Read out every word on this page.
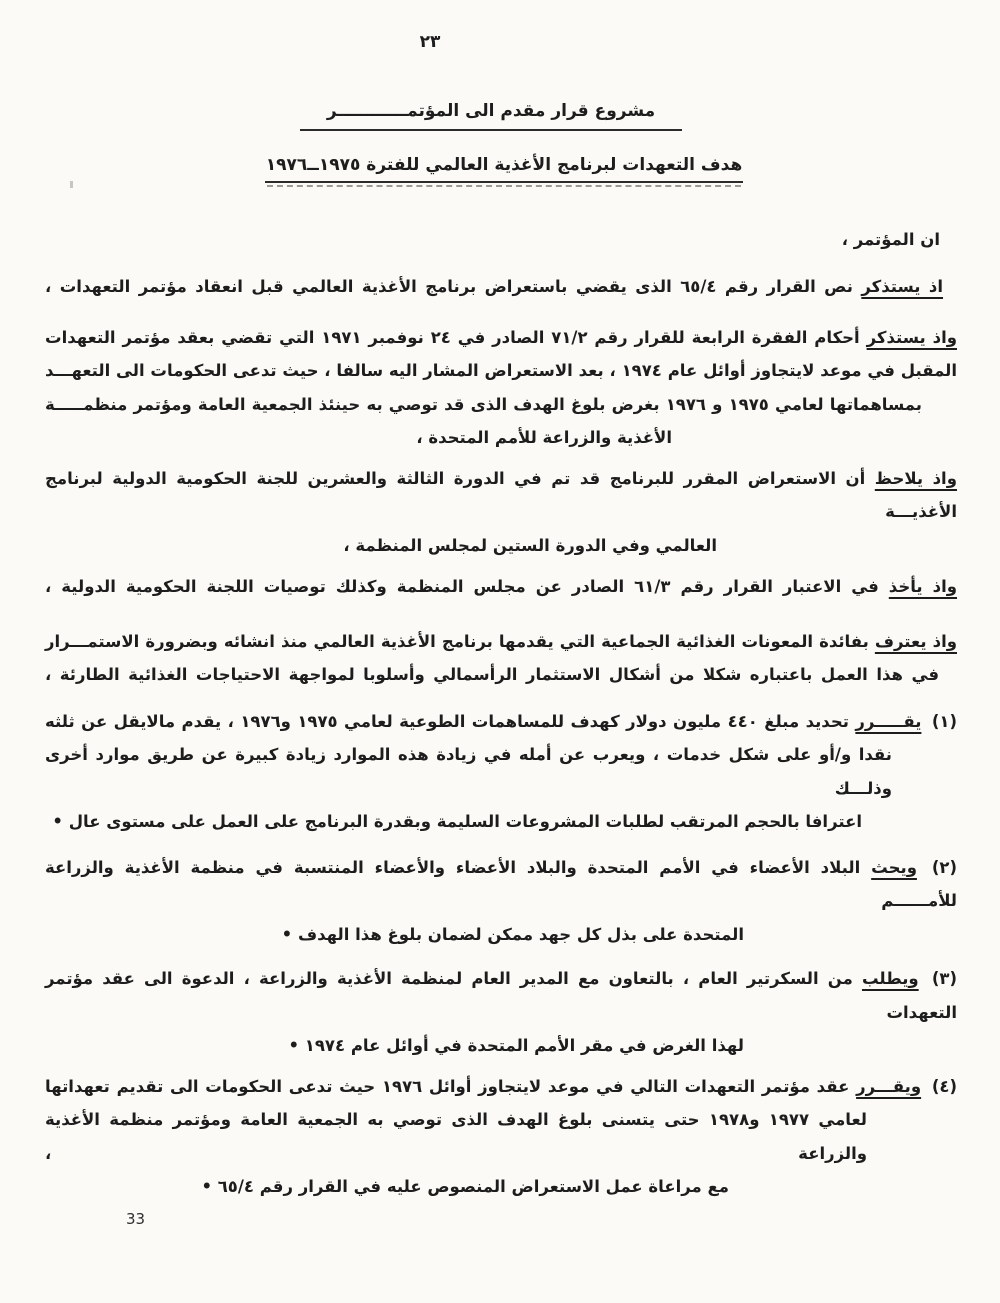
٢٣
مشروع قرار مقدم الى المؤتمــــــــــــر
هدف التعهدات لبرنامج الأغذية العالمي للفترة ١٩٧٥ــ١٩٧٦
ان المؤتمر ،
اذ يستذكر نص القرار رقم ٦٥/٤ الذى يقضي باستعراض برنامج الأغذية العالمي قبل انعقاد مؤتمر التعهدات ،
واذ يستذكر أحكام الفقرة الرابعة للقرار رقم ٧١/٢ الصادر في ٢٤ نوفمبر ١٩٧١ التي تقضي بعقد مؤتمر التعهدات
المقبل في موعد لايتجاوز أوائل عام ١٩٧٤ ، بعد الاستعراض المشار اليه سالفا ، حيث تدعى الحكومات الى التعهـــد
بمساهماتها لعامي ١٩٧٥ و ١٩٧٦ بغرض بلوغ الهدف الذى قد توصي به حينئذ الجمعية العامة ومؤتمر منظمـــــة
الأغذية والزراعة للأمم المتحدة ،
واذ يلاحظ أن الاستعراض المقرر للبرنامج قد تم في الدورة الثالثة والعشرين للجنة الحكومية الدولية لبرنامج الأغذيـــة
العالمي وفي الدورة الستين لمجلس المنظمة ،
واذ يأخذ في الاعتبار القرار رقم ٦١/٣ الصادر عن مجلس المنظمة وكذلك توصيات اللجنة الحكومية الدولية ،
واذ يعترف بفائدة المعونات الغذائية الجماعية التي يقدمها برنامج الأغذية العالمي منذ انشائه وبضرورة الاستمـــرار
في هذا العمل باعتباره شكلا من أشكال الاستثمار الرأسمالي وأسلوبا لمواجهة الاحتياجات الغذائية الطارئة ،
(١) يقـــــرر تحديد مبلغ ٤٤٠ مليون دولار كهدف للمساهمات الطوعية لعامي ١٩٧٥ و١٩٧٦ ، يقدم مالايقل عن ثلثه
نقدا و/أو على شكل خدمات ، ويعرب عن أمله في زيادة هذه الموارد زيادة كبيرة عن طريق موارد أخرى وذلـــك
اعترافا بالحجم المرتقب لطلبات المشروعات السليمة وبقدرة البرنامج على العمل على مستوى عال •
(٢) ويحث البلاد الأعضاء في الأمم المتحدة والبلاد الأعضاء والأعضاء المنتسبة في منظمة الأغذية والزراعة للأمــــــم
المتحدة على بذل كل جهد ممكن لضمان بلوغ هذا الهدف •
(٣) ويطلب من السكرتير العام ، بالتعاون مع المدير العام لمنظمة الأغذية والزراعة ، الدعوة الى عقد مؤتمر التعهدات
لهذا الغرض في مقر الأمم المتحدة في أوائل عام ١٩٧٤ •
(٤) ويقـــرر عقد مؤتمر التعهدات التالي في موعد لايتجاوز أوائل ١٩٧٦ حيث تدعى الحكومات الى تقديم تعهداتها
لعامي ١٩٧٧ و١٩٧٨ حتى يتسنى بلوغ الهدف الذى توصي به الجمعية العامة ومؤتمر منظمة الأغذية والزراعة ،
مع مراعاة عمل الاستعراض المنصوص عليه في القرار رقم ٦٥/٤ •
33
